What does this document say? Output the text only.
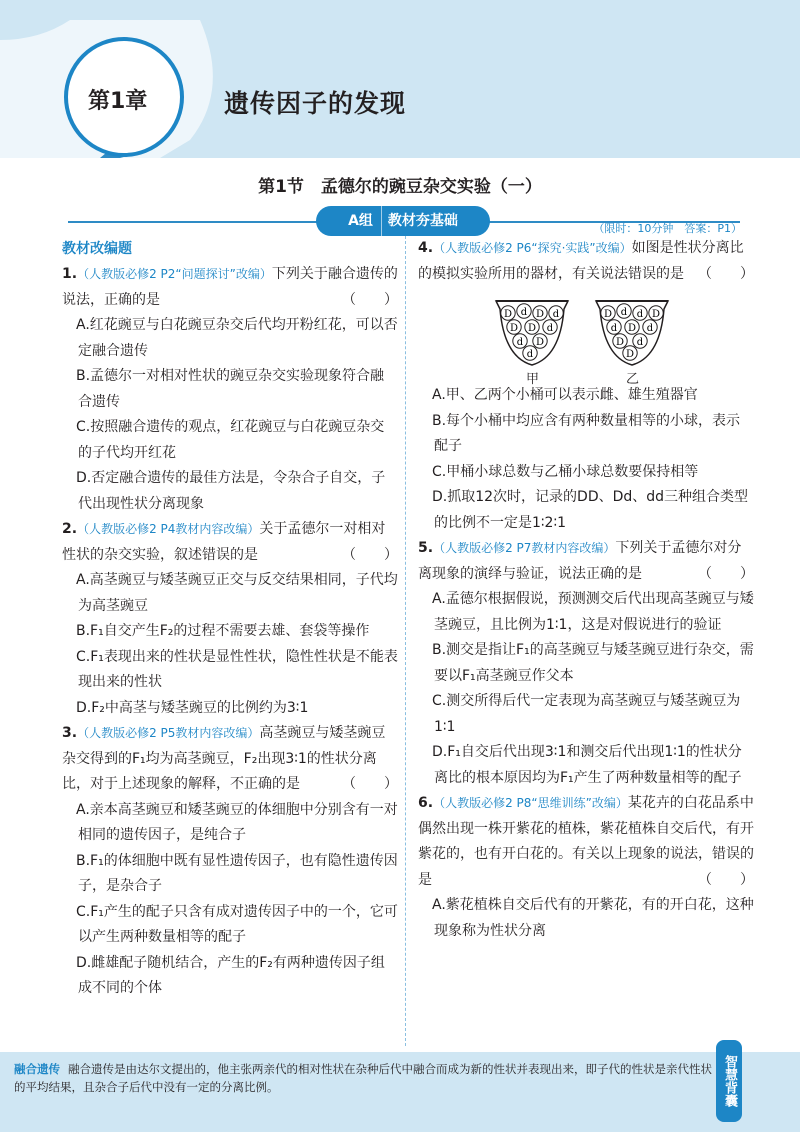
第1章	遗传因子的发现
第1节　孟德尔的豌豆杂交实验（一）
A组 教材夯基础	（限时：10分钟　答案：P1）
教材改编题
1.（人教版必修2 P2“问题探讨”改编）下列关于融合遗传的说法，正确的是	（　　）
A.红花豌豆与白花豌豆杂交后代均开粉红花，可以否定融合遗传
B.孟德尔一对相对性状的豌豆杂交实验现象符合融合遗传
C.按照融合遗传的观点，红花豌豆与白花豌豆杂交的子代均开红花
D.否定融合遗传的最佳方法是，令杂合子自交，子代出现性状分离现象
2.（人教版必修2 P4教材内容改编）关于孟德尔一对相对性状的杂交实验，叙述错误的是	（　　）
A.高茎豌豆与矮茎豌豆正交与反交结果相同，子代均为高茎豌豆
B.F₁自交产生F₂的过程不需要去雄、套袋等操作
C.F₁表现出来的性状是显性性状，隐性性状是不能表现出来的性状
D.F₂中高茎与矮茎豌豆的比例约为3∶1
3.（人教版必修2 P5教材内容改编）高茎豌豆与矮茎豌豆杂交得到的F₁均为高茎豌豆，F₂出现3∶1的性状分离比，对于上述现象的解释，不正确的是	（　　）
A.亲本高茎豌豆和矮茎豌豆的体细胞中分别含有一对相同的遗传因子，是纯合子
B.F₁的体细胞中既有显性遗传因子，也有隐性遗传因子，是杂合子
C.F₁产生的配子只含有成对遗传因子中的一个，它可以产生两种数量相等的配子
D.雌雄配子随机结合，产生的F₂有两种遗传因子组成不同的个体
4.（人教版必修2 P6“探究·实践”改编）如图是性状分离比的模拟实验所用的器材，有关说法错误的是 （　　）
D d D d
D D d
d D
d
甲
D d d D
d D d
D d
D
乙
A.甲、乙两个小桶可以表示雌、雄生殖器官
B.每个小桶中均应含有两种数量相等的小球，表示配子
C.甲桶小球总数与乙桶小球总数要保持相等
D.抓取12次时，记录的DD、Dd、dd三种组合类型的比例不一定是1∶2∶1
5.（人教版必修2 P7教材内容改编）下列关于孟德尔对分离现象的演绎与验证，说法正确的是	（　　）
A.孟德尔根据假说，预测测交后代出现高茎豌豆与矮茎豌豆，且比例为1∶1，这是对假说进行的验证
B.测交是指让F₁的高茎豌豆与矮茎豌豆进行杂交，需要以F₁高茎豌豆作父本
C.测交所得后代一定表现为高茎豌豆与矮茎豌豆为1∶1
D.F₁自交后代出现3∶1和测交后代出现1∶1的性状分离比的根本原因均为F₁产生了两种数量相等的配子
6.（人教版必修2 P8“思维训练”改编）某花卉的白花品系中偶然出现一株开紫花的植株，紫花植株自交后代，有开紫花的，也有开白花的。有关以上现象的说法，错误的是	（　　）
A.紫花植株自交后代有的开紫花，有的开白花，这种现象称为性状分离
融合遗传 融合遗传是由达尔文提出的，他主张两亲代的相对性状在杂种后代中融合而成为新的性状并表现出来，即子代的性状是亲代性状的平均结果，且杂合子后代中没有一定的分离比例。	智慧背囊
